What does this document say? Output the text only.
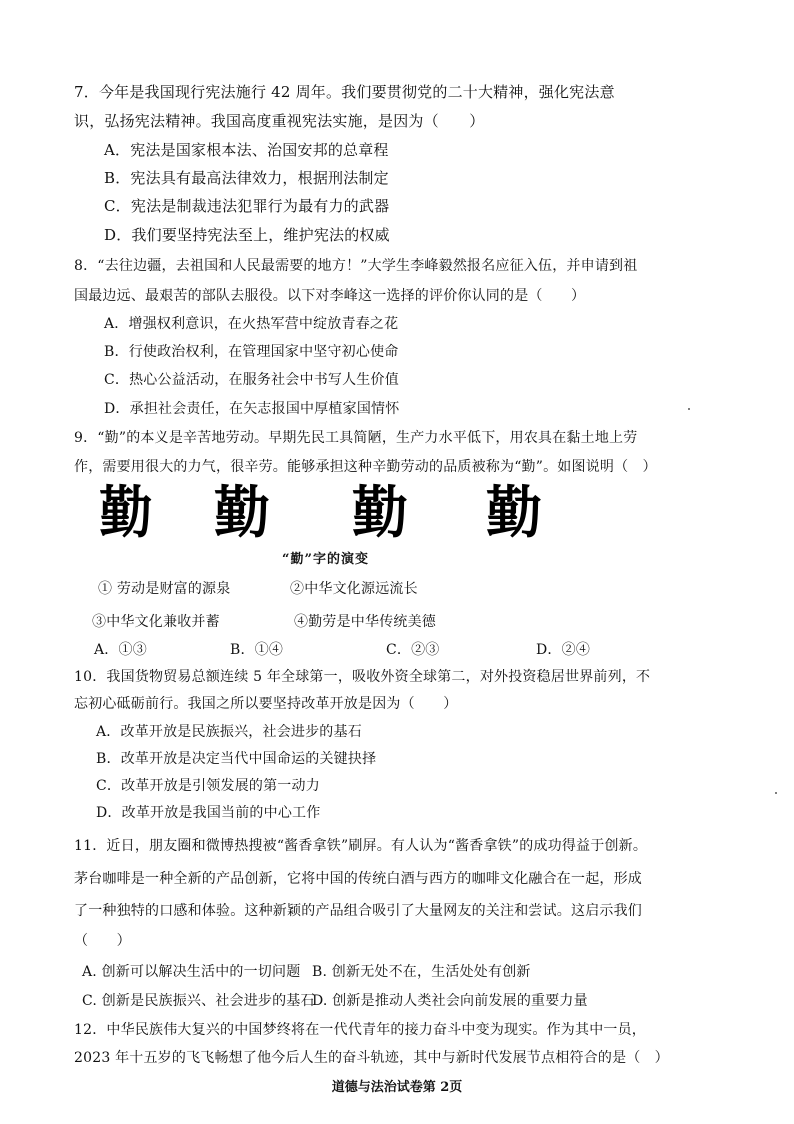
7．今年是我国现行宪法施行 42 周年。我们要贯彻党的二十大精神，强化宪法意
识，弘扬宪法精神。我国高度重视宪法实施，是因为（　　）
A．宪法是国家根本法、治国安邦的总章程
B．宪法具有最高法律效力，根据刑法制定
C．宪法是制裁违法犯罪行为最有力的武器
D．我们要坚持宪法至上，维护宪法的权威
8．“去往边疆，去祖国和人民最需要的地方！”大学生李峰毅然报名应征入伍，并申请到祖
国最边远、最艰苦的部队去服役。以下对李峰这一选择的评价你认同的是（　　）
A．增强权利意识，在火热军营中绽放青春之花
B．行使政治权利，在管理国家中坚守初心使命
C．热心公益活动，在服务社会中书写人生价值
D．承担社会责任，在矢志报国中厚植家国情怀
9．“勤”的本义是辛苦地劳动。早期先民工具简陋，生产力水平低下，用农具在黏土地上劳
作，需要用很大的力气，很辛劳。能够承担这种辛勤劳动的品质被称为“勤”。如图说明（　）
勤 勤 勤 勤
“勤”字的演变
① 劳动是财富的源泉	②中华文化源远流长
③中华文化兼收并蓄	④勤劳是中华传统美德
A．①③	B．①④	C．②③	D．②④
10．我国货物贸易总额连续 5 年全球第一，吸收外资全球第二，对外投资稳居世界前列，不
忘初心砥砺前行。我国之所以要坚持改革开放是因为（　　）
A．改革开放是民族振兴，社会进步的基石
B．改革开放是决定当代中国命运的关键抉择
C．改革开放是引领发展的第一动力
D．改革开放是我国当前的中心工作
11．近日，朋友圈和微博热搜被“酱香拿铁”刷屏。有人认为“酱香拿铁”的成功得益于创新。
茅台咖啡是一种全新的产品创新，它将中国的传统白酒与西方的咖啡文化融合在一起，形成
了一种独特的口感和体验。这种新颖的产品组合吸引了大量网友的关注和尝试。这启示我们
（　　）
A. 创新可以解决生活中的一切问题 B. 创新无处不在，生活处处有创新
C. 创新是民族振兴、社会进步的基石
D. 创新是推动人类社会向前发展的重要力量
12．中华民族伟大复兴的中国梦终将在一代代青年的接力奋斗中变为现实。作为其中一员，
2023 年十五岁的飞飞畅想了他今后人生的奋斗轨迹，其中与新时代发展节点相符合的是（　）
道德与法治试卷第 2页
